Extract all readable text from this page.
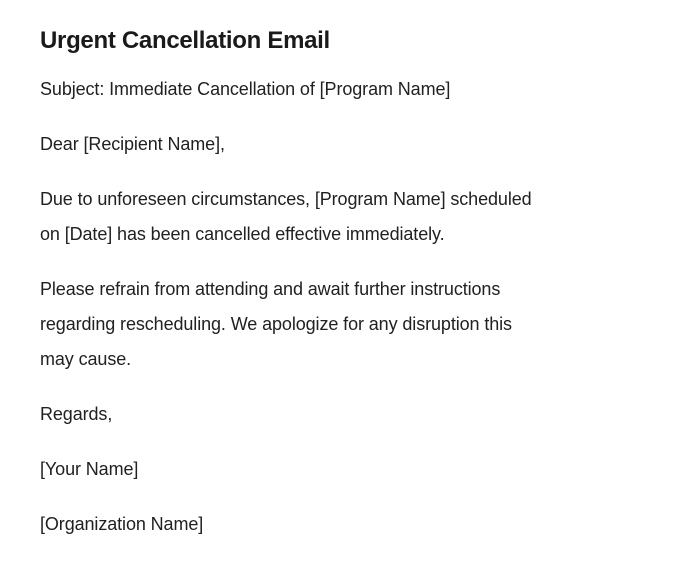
Urgent Cancellation Email

Subject: Immediate Cancellation of [Program Name]

Dear [Recipient Name],

Due to unforeseen circumstances, [Program Name] scheduled
on [Date] has been cancelled effective immediately.

Please refrain from attending and await further instructions
regarding rescheduling. We apologize for any disruption this
may cause.

Regards,

[Your Name]

[Organization Name]
